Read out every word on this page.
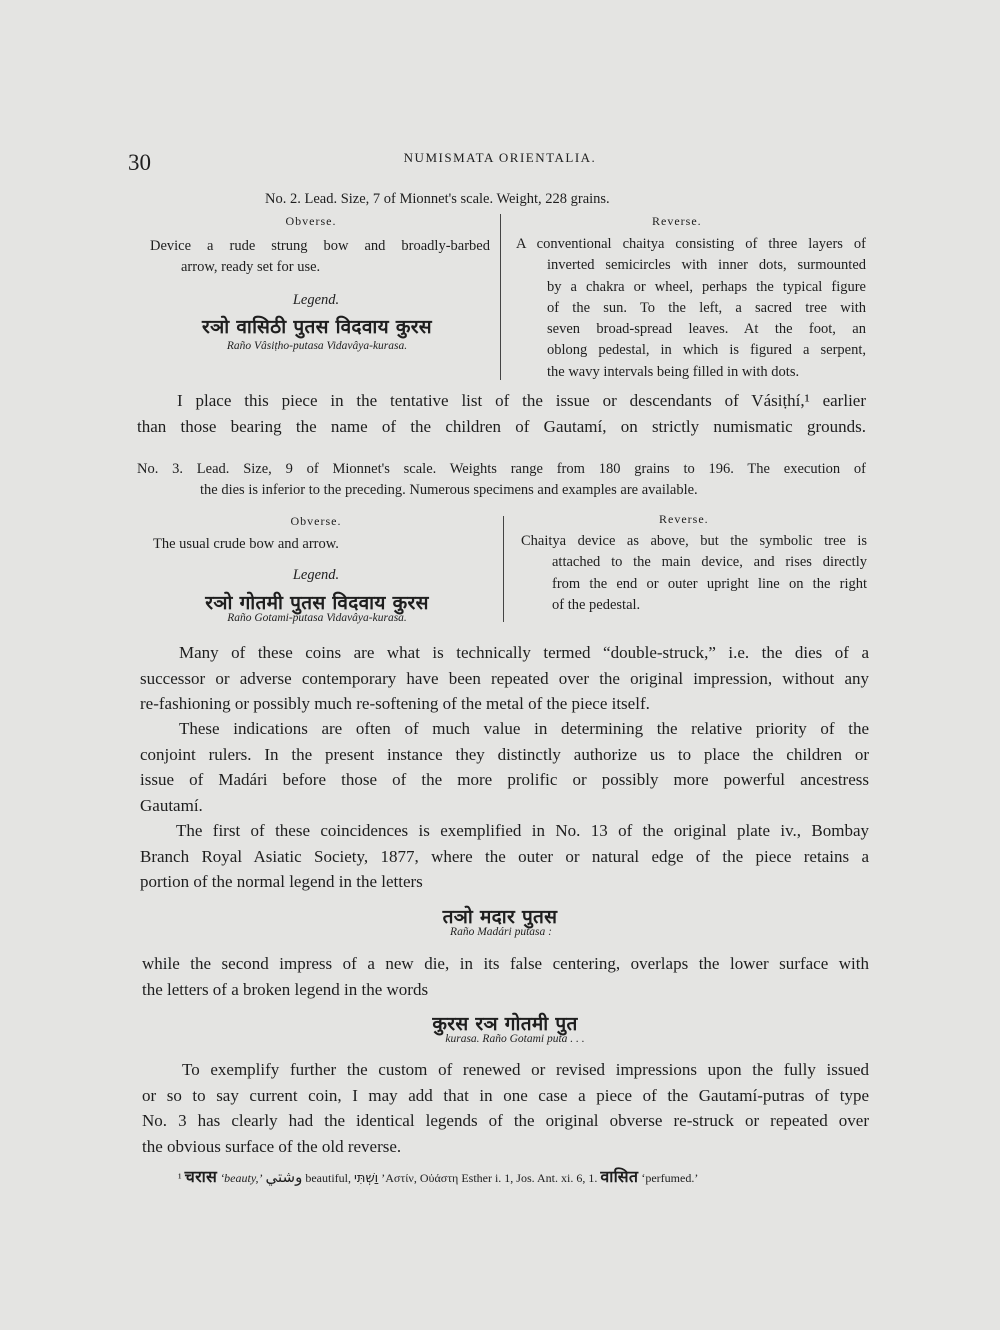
30	NUMISMATA ORIENTALIA.
No. 2. Lead. Size, 7 of Mionnet's scale. Weight, 228 grains.
Obverse.
Device a rude strung bow and broadly-barbed
arrow, ready set for use.
Legend.
रञो वासिठी पुतस विदवाय कुरस
Raño Vâsiṭho-putasa Vidavâya-kurasa.
Reverse.
A conventional chaitya consisting of three layers of
inverted semicircles with inner dots, surmounted
by a chakra or wheel, perhaps the typical figure
of the sun. To the left, a sacred tree with
seven broad-spread leaves. At the foot, an
oblong pedestal, in which is figured a serpent,
the wavy intervals being filled in with dots.
I place this piece in the tentative list of the issue or descendants of Vásiṭhí,¹ earlier
than those bearing the name of the children of Gautamí, on strictly numismatic grounds.
No. 3. Lead. Size, 9 of Mionnet's scale. Weights range from 180 grains to 196. The execution of
the dies is inferior to the preceding. Numerous specimens and examples are available.
Obverse.
The usual crude bow and arrow.
Legend.
रञो गोतमी पुतस विदवाय कुरस
Raño Gotami-putasa Vidavâya-kurasa.
Reverse.
Chaitya device as above, but the symbolic tree is
attached to the main device, and rises directly
from the end or outer upright line on the right
of the pedestal.
Many of these coins are what is technically termed “double-struck,” i.e. the dies of a
successor or adverse contemporary have been repeated over the original impression, without any
re-fashioning or possibly much re-softening of the metal of the piece itself.
These indications are often of much value in determining the relative priority of the
conjoint rulers. In the present instance they distinctly authorize us to place the children or
issue of Madári before those of the more prolific or possibly more powerful ancestress
Gautamí.
The first of these coincidences is exemplified in No. 13 of the original plate iv., Bombay
Branch Royal Asiatic Society, 1877, where the outer or natural edge of the piece retains a
portion of the normal legend in the letters
तञो मदार पुतस
Raño Madári putasa :
while the second impress of a new die, in its false centering, overlaps the lower surface with
the letters of a broken legend in the words
कुरस रञ गोतमी पुत
kurasa. Raño Gotami puta . . .
To exemplify further the custom of renewed or revised impressions upon the fully issued
or so to say current coin, I may add that in one case a piece of the Gautamí-putras of type
No. 3 has clearly had the identical legends of the original obverse re-struck or repeated over
the obvious surface of the old reverse.
¹ चरास ‘beauty,’ وشتي beautiful, וַשְׁתִּי ’Αστίν, Οὐάστη Esther i. 1, Jos. Ant. xi. 6, 1. वासित ‘perfumed.’
